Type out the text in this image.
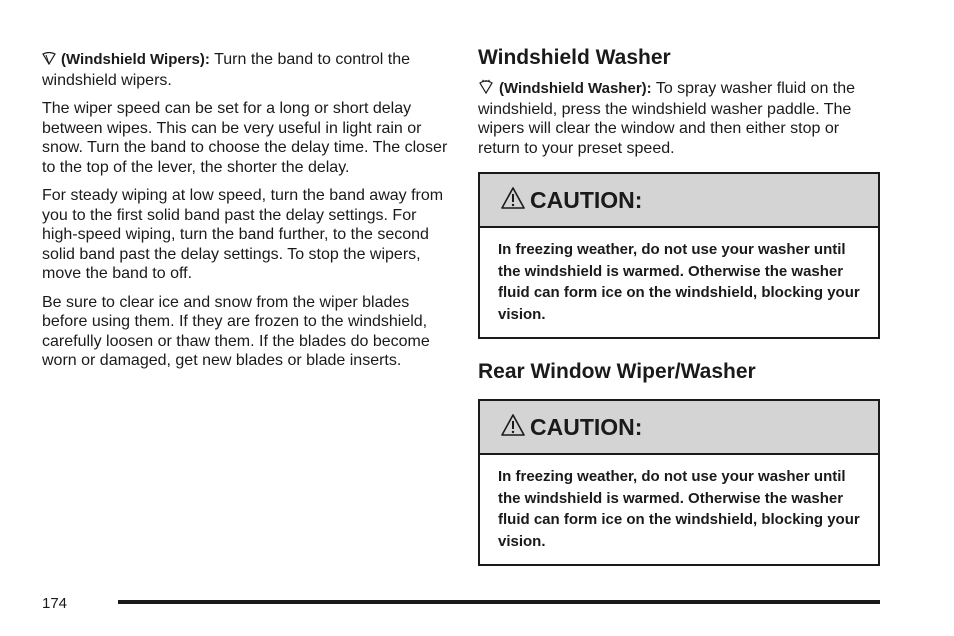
(Windshield Wipers): Turn the band to control the windshield wipers.

The wiper speed can be set for a long or short delay between wipes. This can be very useful in light rain or snow. Turn the band to choose the delay time. The closer to the top of the lever, the shorter the delay.

For steady wiping at low speed, turn the band away from you to the first solid band past the delay settings. For high-speed wiping, turn the band further, to the second solid band past the delay settings. To stop the wipers, move the band to off.

Be sure to clear ice and snow from the wiper blades before using them. If they are frozen to the windshield, carefully loosen or thaw them. If the blades do become worn or damaged, get new blades or blade inserts.

Windshield Washer

(Windshield Washer): To spray washer fluid on the windshield, press the windshield washer paddle. The wipers will clear the window and then either stop or return to your preset speed.

CAUTION:
In freezing weather, do not use your washer until the windshield is warmed. Otherwise the washer fluid can form ice on the windshield, blocking your vision.
Rear Window Wiper/Washer
CAUTION:
In freezing weather, do not use your washer until the windshield is warmed. Otherwise the washer fluid can form ice on the windshield, blocking your vision.
174
